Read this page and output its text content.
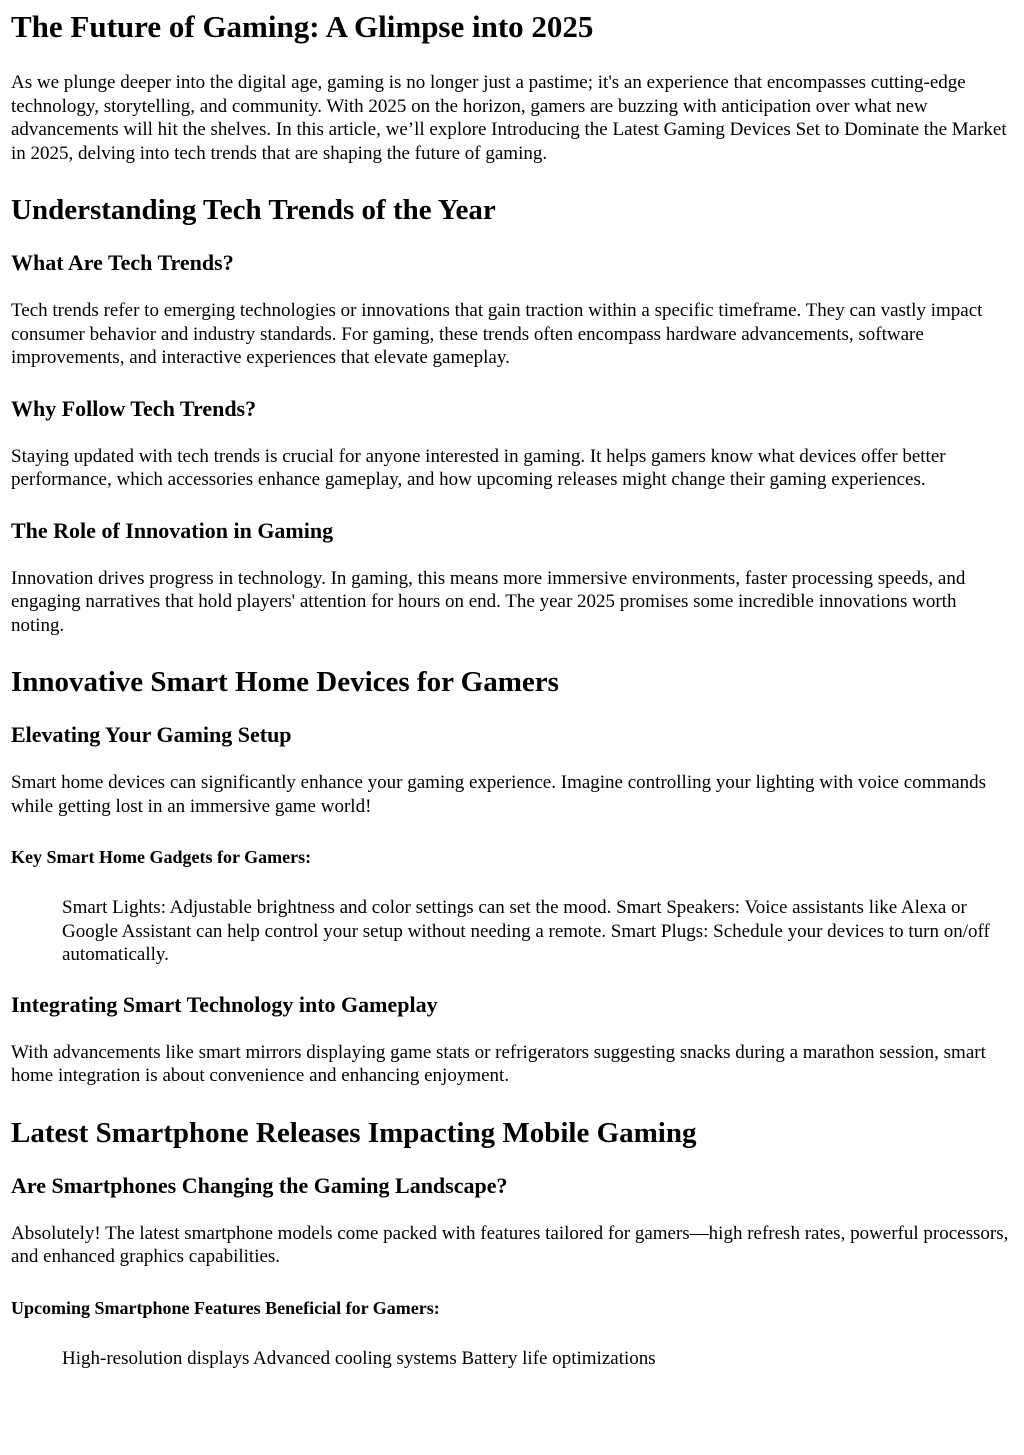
The Future of Gaming: A Glimpse into 2025

As we plunge deeper into the digital age, gaming is no longer just a pastime; it's an experience that encompasses cutting-edge technology, storytelling, and community. With 2025 on the horizon, gamers are buzzing with anticipation over what new advancements will hit the shelves. In this article, we’ll explore Introducing the Latest Gaming Devices Set to Dominate the Market in 2025, delving into tech trends that are shaping the future of gaming.

Understanding Tech Trends of the Year
What Are Tech Trends?

Tech trends refer to emerging technologies or innovations that gain traction within a specific timeframe. They can vastly impact consumer behavior and industry standards. For gaming, these trends often encompass hardware advancements, software improvements, and interactive experiences that elevate gameplay.

Why Follow Tech Trends?

Staying updated with tech trends is crucial for anyone interested in gaming. It helps gamers know what devices offer better performance, which accessories enhance gameplay, and how upcoming releases might change their gaming experiences.

The Role of Innovation in Gaming

Innovation drives progress in technology. In gaming, this means more immersive environments, faster processing speeds, and engaging narratives that hold players' attention for hours on end. The year 2025 promises some incredible innovations worth noting.

Innovative Smart Home Devices for Gamers
Elevating Your Gaming Setup

Smart home devices can significantly enhance your gaming experience. Imagine controlling your lighting with voice commands while getting lost in an immersive game world!

Key Smart Home Gadgets for Gamers:
Smart Lights: Adjustable brightness and color settings can set the mood. Smart Speakers: Voice assistants like Alexa or Google Assistant can help control your setup without needing a remote. Smart Plugs: Schedule your devices to turn on/off automatically.
Integrating Smart Technology into Gameplay

With advancements like smart mirrors displaying game stats or refrigerators suggesting snacks during a marathon session, smart home integration is about convenience and enhancing enjoyment.

Latest Smartphone Releases Impacting Mobile Gaming
Are Smartphones Changing the Gaming Landscape?

Absolutely! The latest smartphone models come packed with features tailored for gamers—high refresh rates, powerful processors, and enhanced graphics capabilities.

Upcoming Smartphone Features Beneficial for Gamers:
High-resolution displays Advanced cooling systems Battery life optimizations
